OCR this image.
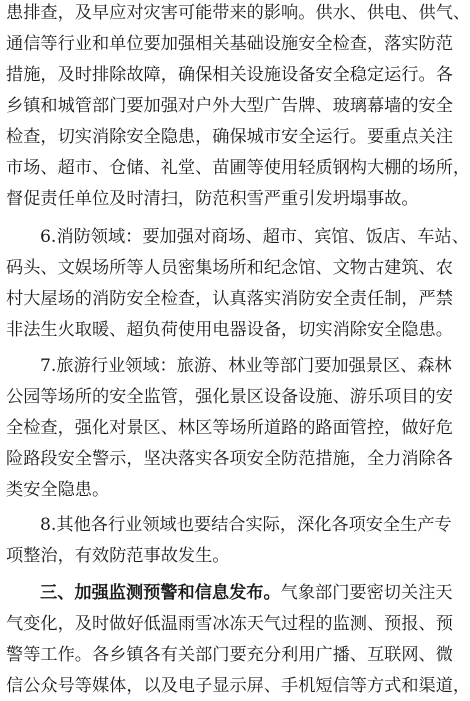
患排查，及早应对灾害可能带来的影响。供水、供电、供气、
通信等行业和单位要加强相关基础设施安全检查，落实防范
措施，及时排除故障，确保相关设施设备安全稳定运行。各
乡镇和城管部门要加强对户外大型广告牌、玻璃幕墙的安全
检查，切实消除安全隐患，确保城市安全运行。要重点关注
市场、超市、仓储、礼堂、苗圃等使用轻质钢构大棚的场所，
督促责任单位及时清扫，防范积雪严重引发坍塌事故。
6.消防领域：要加强对商场、超市、宾馆、饭店、车站、
码头、文娱场所等人员密集场所和纪念馆、文物古建筑、农
村大屋场的消防安全检查，认真落实消防安全责任制，严禁
非法生火取暖、超负荷使用电器设备，切实消除安全隐患。
7.旅游行业领域：旅游、林业等部门要加强景区、森林
公园等场所的安全监管，强化景区设备设施、游乐项目的安
全检查，强化对景区、林区等场所道路的路面管控，做好危
险路段安全警示，坚决落实各项安全防范措施，全力消除各
类安全隐患。
8.其他各行业领域也要结合实际，深化各项安全生产专
项整治，有效防范事故发生。
三、加强监测预警和信息发布。气象部门要密切关注天
气变化，及时做好低温雨雪冰冻天气过程的监测、预报、预
警等工作。各乡镇各有关部门要充分利用广播、互联网、微
信公众号等媒体，以及电子显示屏、手机短信等方式和渠道，
